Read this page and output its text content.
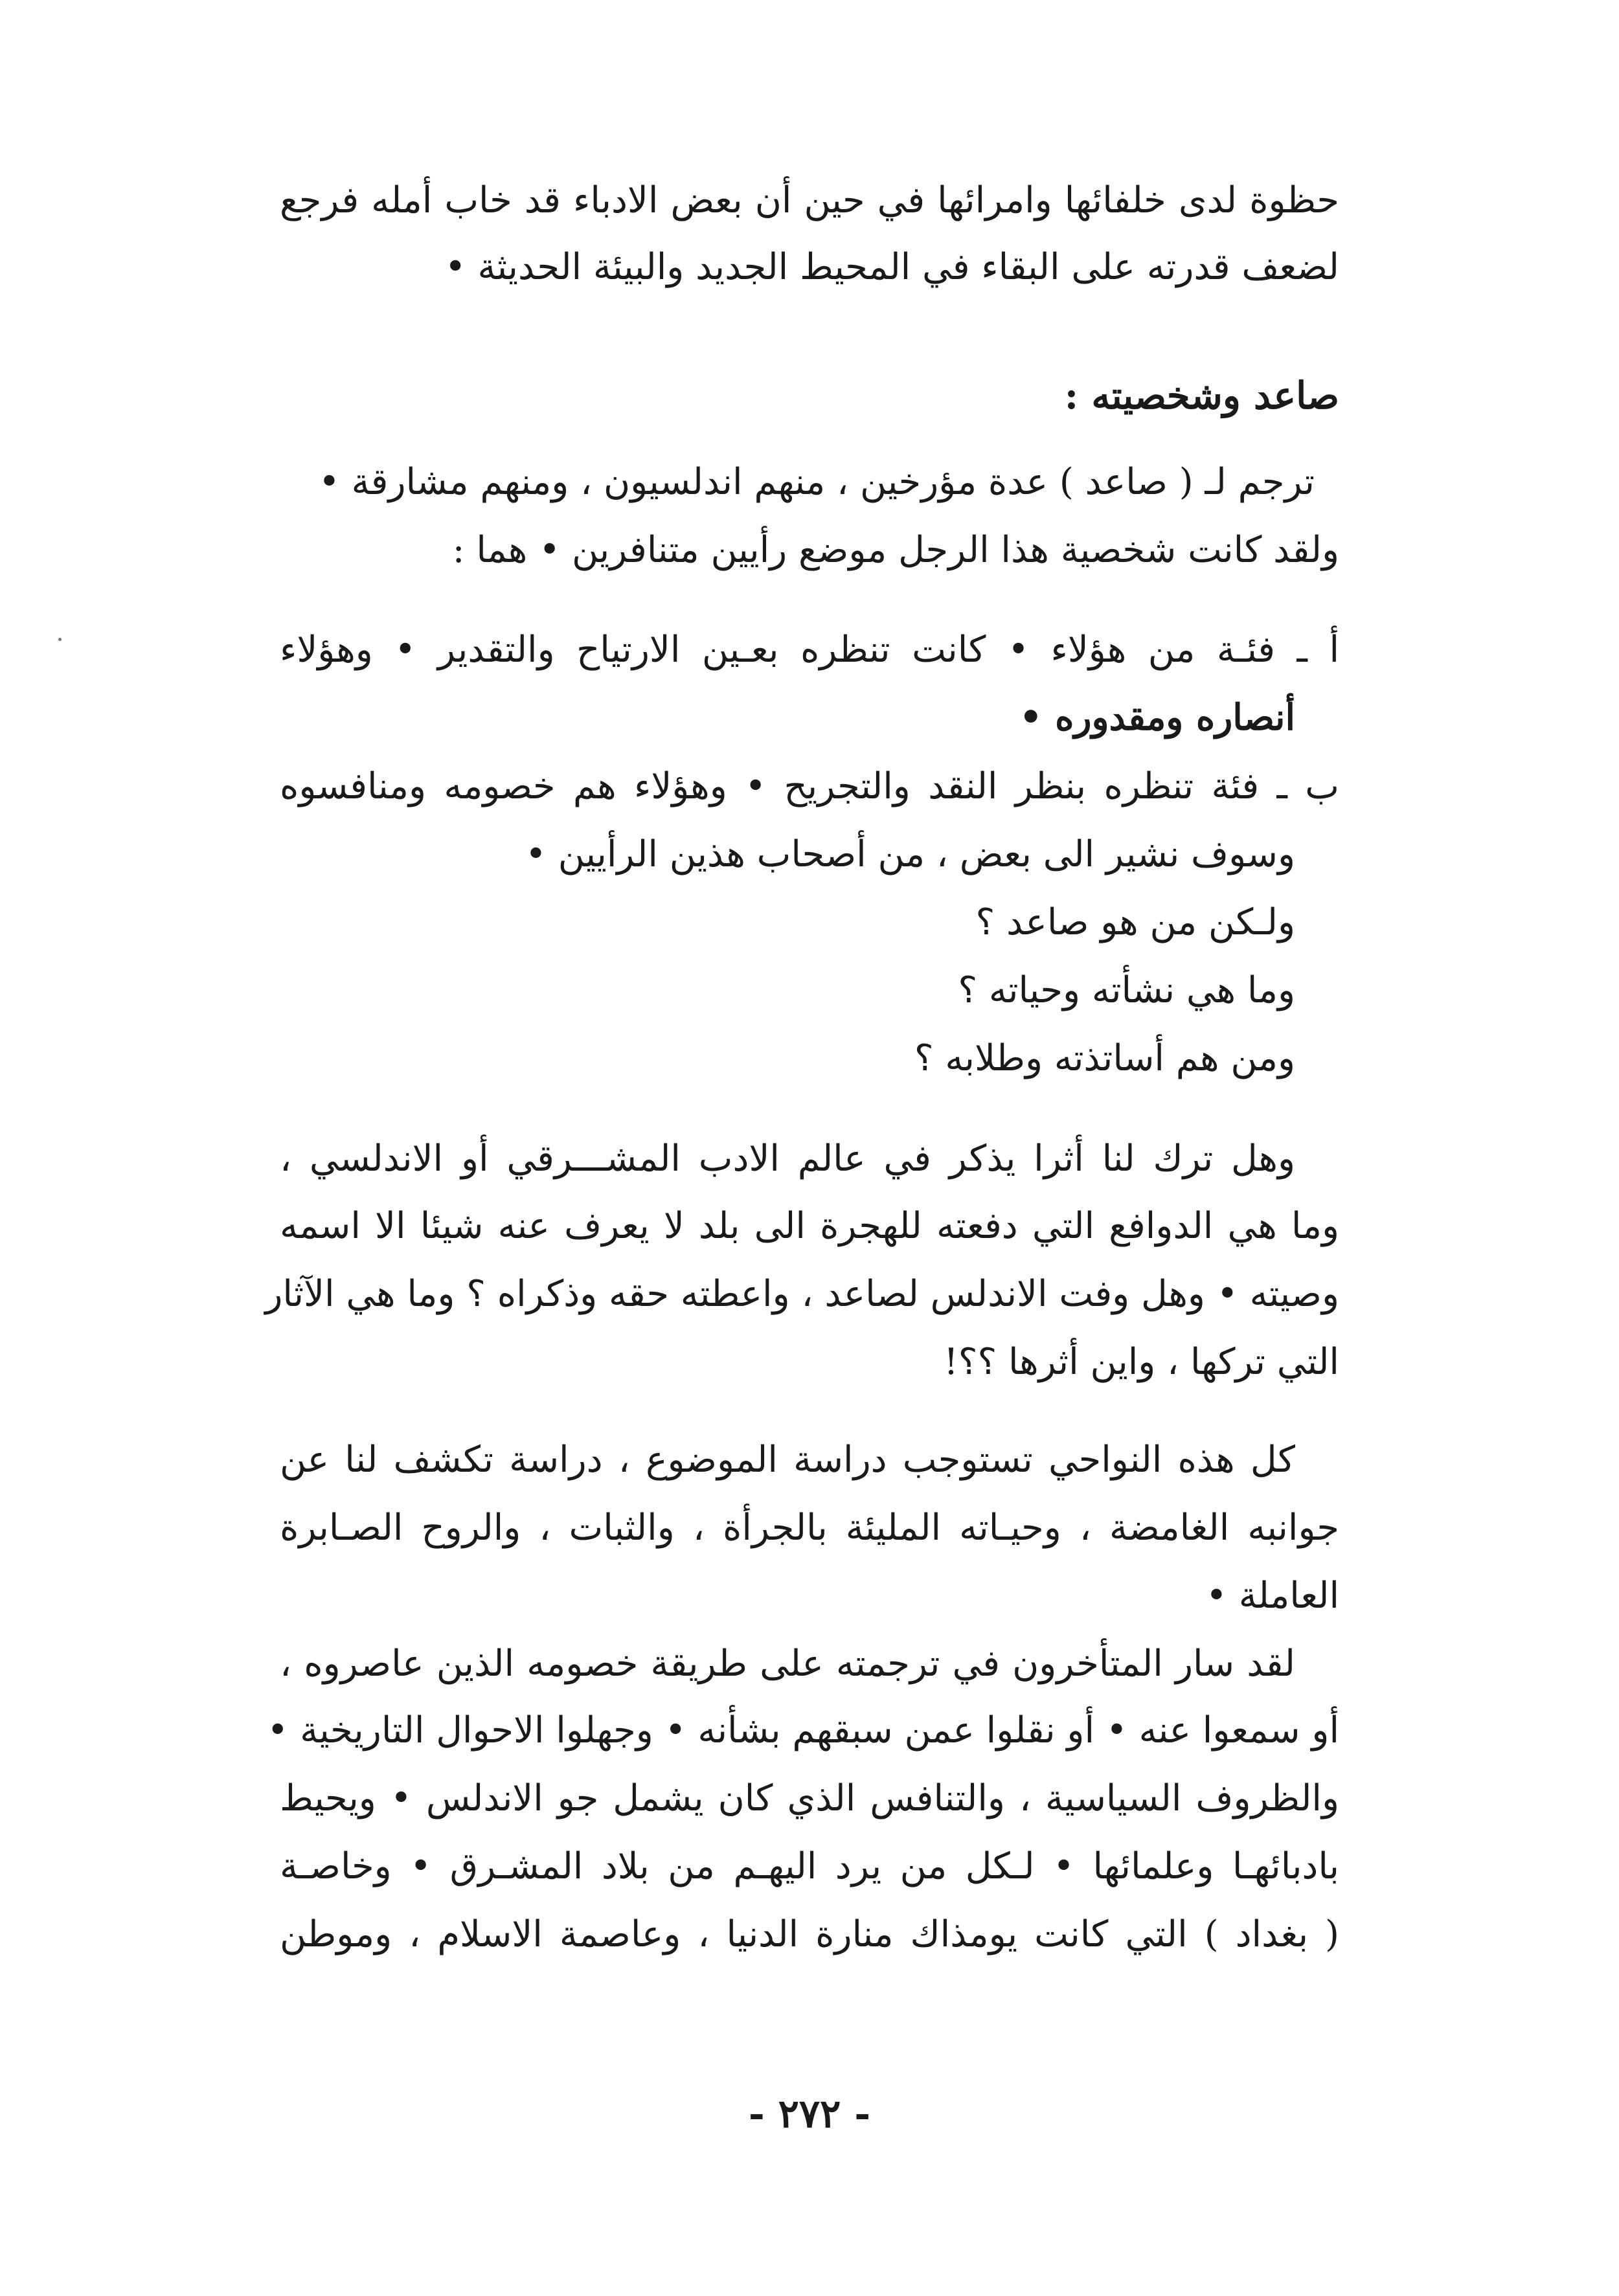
حظوة لدى خلفائها وامرائها في حين أن بعض الادباء قد خاب أمله فرجع
لضعف قدرته على البقاء في المحيط الجديد والبيئة الحديثة •
صاعد وشخصيته :
ترجم لـ ( صاعد ) عدة مؤرخين ، منهم اندلسيون ، ومنهم مشارقة •
ولقد كانت شخصية هذا الرجل موضع رأيين متنافرين • هما :
أ ـ فئـة من هؤلاء • كانت تنظره بعـين الارتياح والتقدير • وهؤلاء
أنصاره ومقدوره •
ب ـ فئة تنظره بنظر النقد والتجريح • وهؤلاء هم خصومه ومنافسوه
وسوف نشير الى بعض ، من أصحاب هذين الرأيين •
ولـكن من هو صاعد ؟
وما هي نشأته وحياته ؟
ومن هم أساتذته وطلابه ؟
وهل ترك لنا أثرا يذكر في عالم الادب المشـــرقي أو الاندلسي ،
وما هي الدوافع التي دفعته للهجرة الى بلد لا يعرف عنه شيئا الا اسمه
وصيته • وهل وفت الاندلس لصاعد ، واعطته حقه وذكراه ؟ وما هي الآثار
التي تركها ، واين أثرها ؟؟!
كل هذه النواحي تستوجب دراسة الموضوع ، دراسة تكشف لنا عن
جوانبه الغامضة ، وحيـاته المليئة بالجرأة ، والثبات ، والروح الصـابرة
العاملة •
لقد سار المتأخرون في ترجمته على طريقة خصومه الذين عاصروه ،
أو سمعوا عنه • أو نقلوا عمن سبقهم بشأنه • وجهلوا الاحوال التاريخية •
والظروف السياسية ، والتنافس الذي كان يشمل جو الاندلس • ويحيط
بادبائهـا وعلمائها • لـكل من يرد اليهـم من بلاد المشـرق • وخاصـة
( بغداد ) التي كانت يومذاك منارة الدنيا ، وعاصمة الاسلام ، وموطن
- ٢٧٢ -
